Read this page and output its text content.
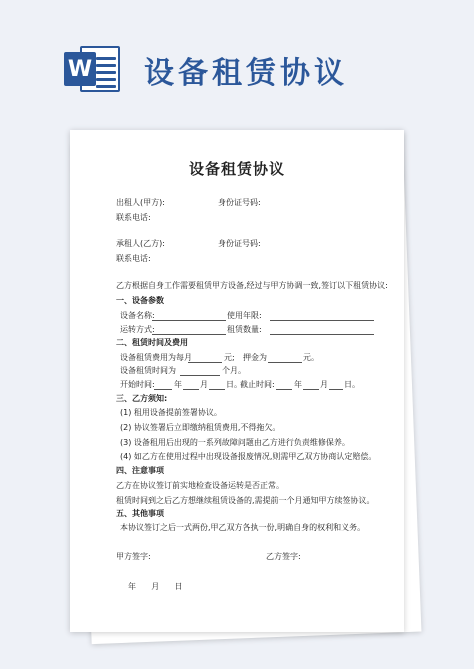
W 设备租赁协议
设备租赁协议
出租人(甲方):	身份证号码:
联系电话:
承租人(乙方):	身份证号码:
联系电话:
乙方根据自身工作需要租赁甲方设备,经过与甲方协调一致,签订以下租赁协议:
一、设备参数
设备名称:	使用年限:
运转方式:	租赁数量:
二、租赁时间及费用
设备租赁费用为每月	元; 押金为	元。
设备租赁时间为	个月。
开始时间: 年 月 日。
截止时间: 年 月 日。
三、乙方须知:
(1) 租用设备提前签署协议。
(2) 协议签署后立即缴纳租赁费用,不得拖欠。
(3) 设备租用后出现的一系列故障问题由乙方进行负责维修保养。
(4) 如乙方在使用过程中出现设备报废情况,则需甲乙双方协商认定赔偿。
四、注意事项
乙方在协议签订前实地检查设备运转是否正常。
租赁时间到之后乙方想继续租赁设备的,需提前一个月通知甲方续签协议。
五、其他事项
本协议签订之后一式两份,甲乙双方各执一份,明确自身的权利和义务。
甲方签字:	乙方签字:
年      月      日
